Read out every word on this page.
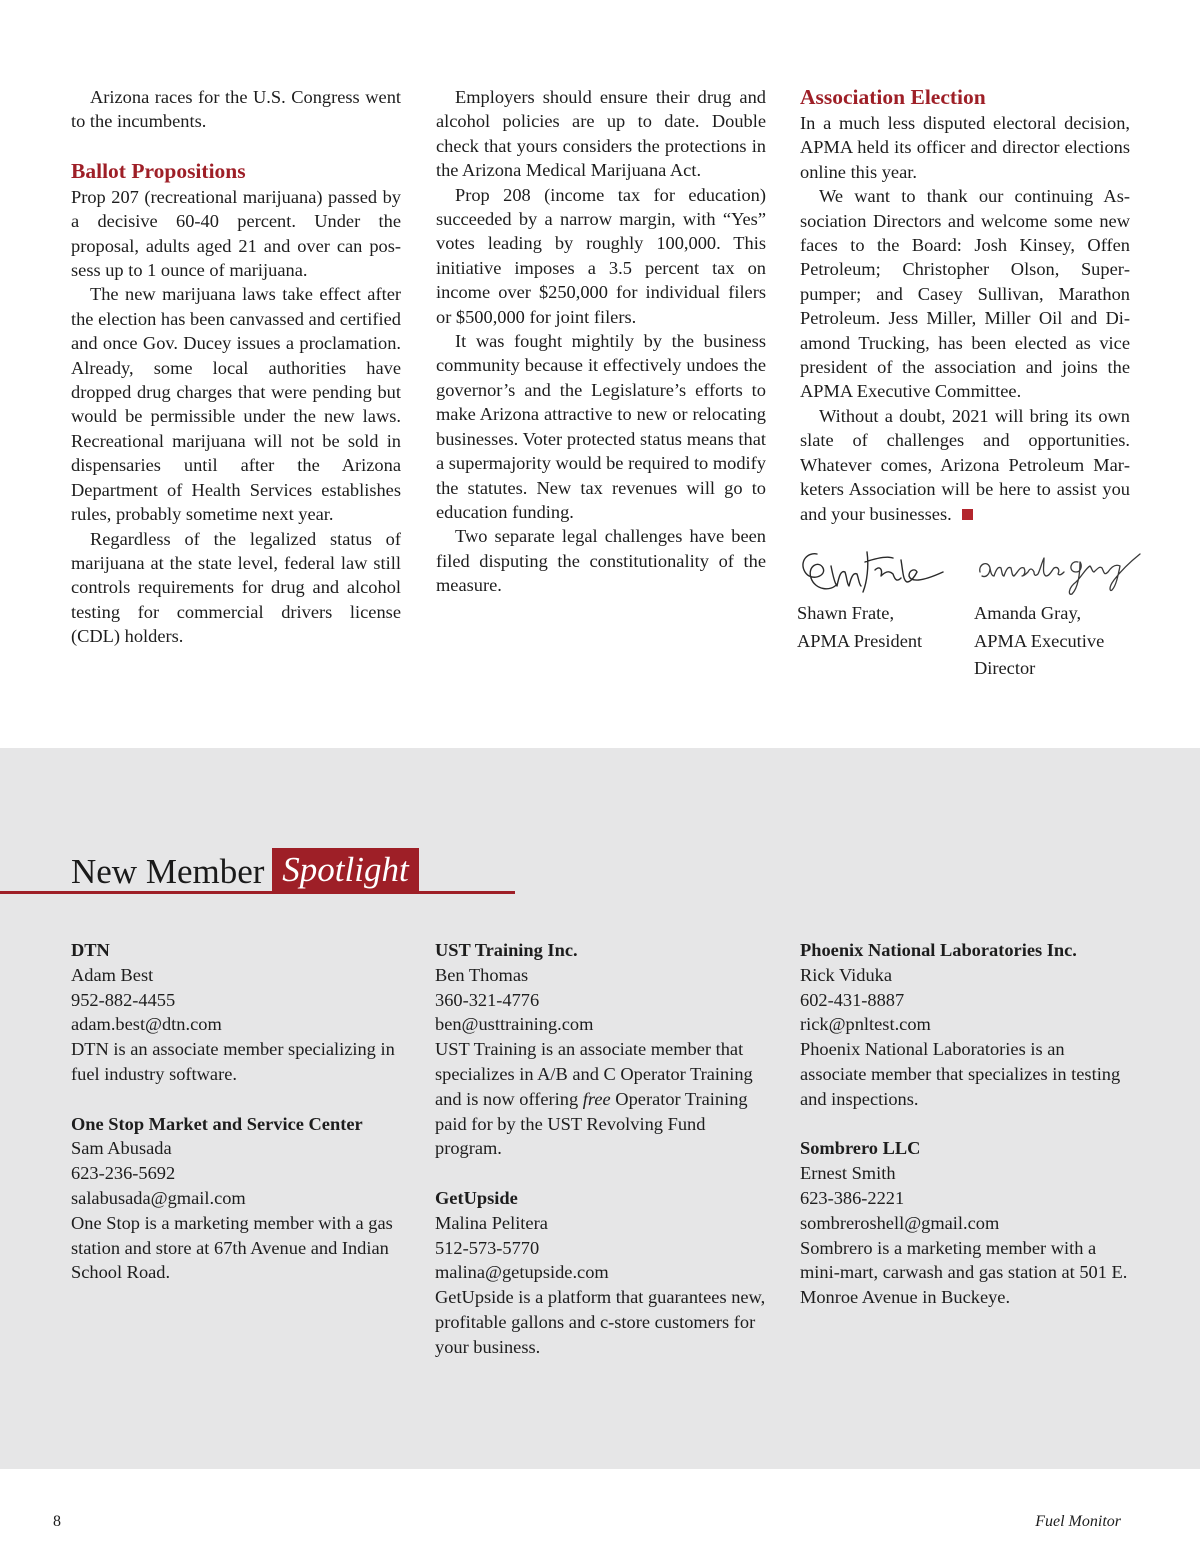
Arizona races for the U.S. Congress went to the incumbents.

Ballot Propositions

Prop 207 (recreational marijuana) passed by a decisive 60-40 percent. Under the proposal, adults aged 21 and over can possess up to 1 ounce of marijuana.

The new marijuana laws take effect after the election has been canvassed and certified and once Gov. Ducey issues a proclamation. Already, some local authorities have dropped drug charges that were pending but would be permissible under the new laws. Recreational marijuana will not be sold in dispensaries until after the Arizona Department of Health Services establishes rules, probably sometime next year.

Regardless of the legalized status of marijuana at the state level, federal law still controls requirements for drug and alcohol testing for commercial drivers license (CDL) holders.

Employers should ensure their drug and alcohol policies are up to date. Double check that yours considers the protections in the Arizona Medical Marijuana Act.

Prop 208 (income tax for education) succeeded by a narrow margin, with “Yes” votes leading by roughly 100,000. This initiative imposes a 3.5 percent tax on income over $250,000 for individual filers or $500,000 for joint filers.

It was fought mightily by the business community because it effectively undoes the governor’s and the Legislature’s efforts to make Arizona attractive to new or relocating businesses. Voter protected status means that a supermajority would be required to modify the statutes. New tax revenues will go to education funding.

Two separate legal challenges have been filed disputing the constitutionality of the measure.

Association Election

In a much less disputed electoral decision, APMA held its officer and director elections online this year.

We want to thank our continuing Association Directors and welcome some new faces to the Board: Josh Kinsey, Offen Petroleum; Christopher Olson, Superpumper; and Casey Sullivan, Marathon Petroleum. Jess Miller, Miller Oil and Diamond Trucking, has been elected as vice president of the association and joins the APMA Executive Committee.

Without a doubt, 2021 will bring its own slate of challenges and opportunities. Whatever comes, Arizona Petroleum Marketers Association will be here to assist you and your businesses.

Shawn Frate,
APMA President
Amanda Gray,
APMA Executive
Director
New Member Spotlight
DTN
Adam Best
952-882-4455
adam.best@dtn.com
DTN is an associate member specializing in fuel industry software.
One Stop Market and Service Center
Sam Abusada
623-236-5692
salabusada@gmail.com
One Stop is a marketing member with a gas station and store at 67th Avenue and Indian School Road.
UST Training Inc.
Ben Thomas
360-321-4776
ben@usttraining.com
UST Training is an associate member that specializes in A/B and C Operator Training and is now offering free Operator Training paid for by the UST Revolving Fund program.
GetUpside
Malina Pelitera
512-573-5770
malina@getupside.com
GetUpside is a platform that guarantees new, profitable gallons and c-store customers for your business.
Phoenix National Laboratories Inc.
Rick Viduka
602-431-8887
rick@pnltest.com
Phoenix National Laboratories is an associate member that specializes in testing and inspections.
Sombrero LLC
Ernest Smith
623-386-2221
sombreroshell@gmail.com
Sombrero is a marketing member with a mini-mart, carwash and gas station at 501 E. Monroe Avenue in Buckeye.
8	Fuel Monitor
